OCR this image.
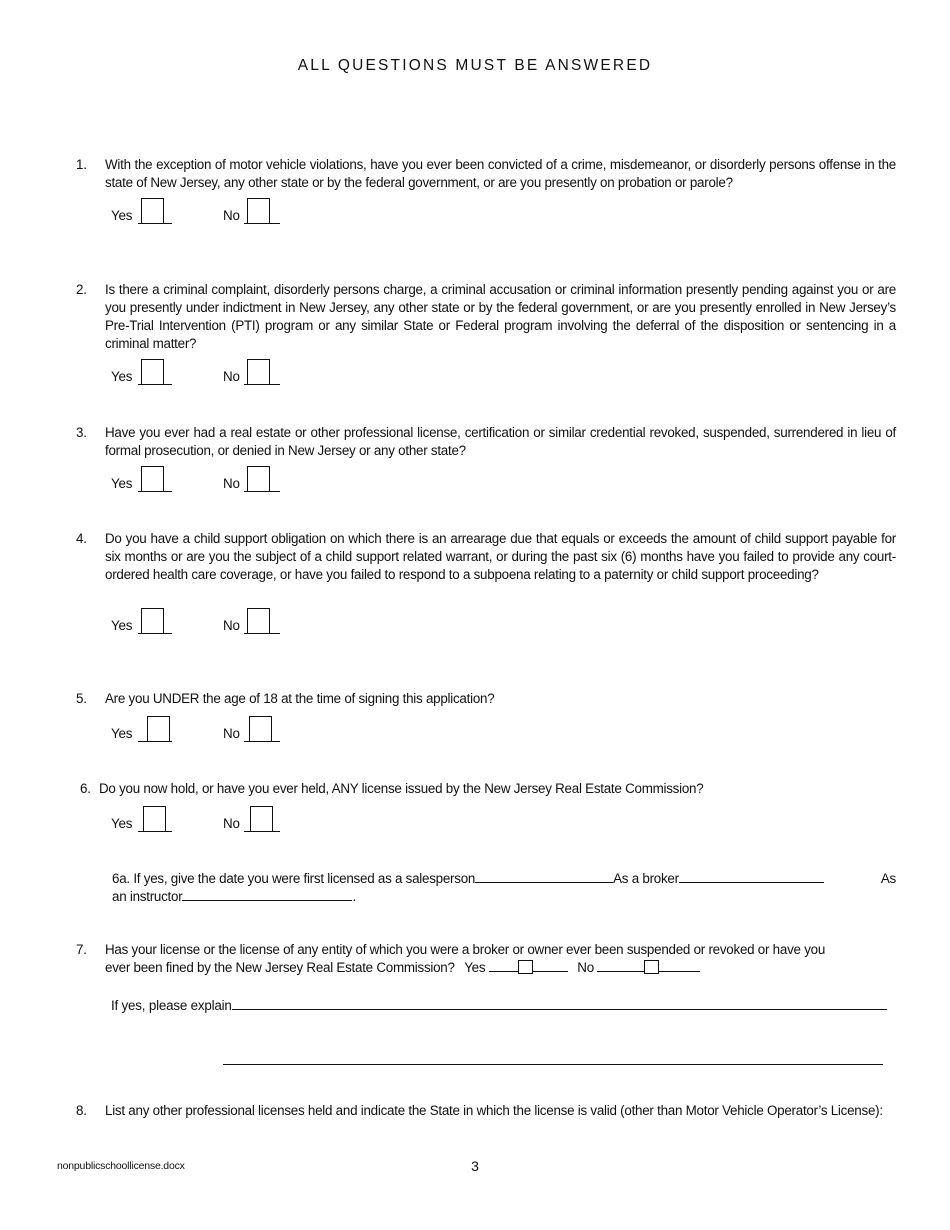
ALL QUESTIONS MUST BE ANSWERED
1. With the exception of motor vehicle violations, have you ever been convicted of a crime, misdemeanor, or disorderly persons offense in the state of New Jersey, any other state or by the federal government, or are you presently on probation or parole?
Yes	No
2. Is there a criminal complaint, disorderly persons charge, a criminal accusation or criminal information presently pending against you or are you presently under indictment in New Jersey, any other state or by the federal government, or are you presently enrolled in New Jersey’s Pre-Trial Intervention (PTI) program or any similar State or Federal program involving the deferral of the disposition or sentencing in a criminal matter?
Yes	No
3. Have you ever had a real estate or other professional license, certification or similar credential revoked, suspended, surrendered in lieu of formal prosecution, or denied in New Jersey or any other state?
Yes	No
4. Do you have a child support obligation on which there is an arrearage due that equals or exceeds the amount of child support payable for six months or are you the subject of a child support related warrant, or during the past six (6) months have you failed to provide any court-ordered health care coverage, or have you failed to respond to a subpoena relating to a paternity or child support proceeding?
Yes	No
5. Are you UNDER the age of 18 at the time of signing this application?
Yes	No
6. Do you now hold, or have you ever held, ANY license issued by the New Jersey Real Estate Commission?
Yes	No
6a. If yes, give the date you were first licensed as a salesperson	As a broker	As
an instructor	.
7. Has your license or the license of any entity of which you were a broker or owner ever been suspended or revoked or have you
ever been fined by the New Jersey Real Estate Commission? Yes	No
If yes, please explain
8. List any other professional licenses held and indicate the State in which the license is valid (other than Motor Vehicle Operator’s License):
nonpublicschoollicense.docx	3
